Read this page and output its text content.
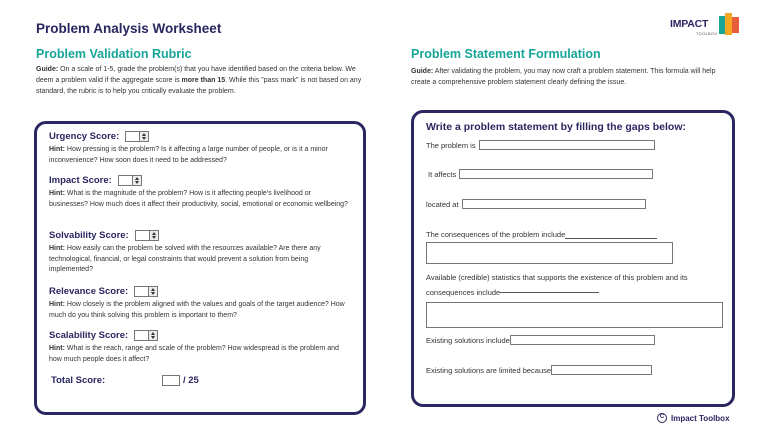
Problem Analysis Worksheet	IMPACT
TOOLBOX
Problem Validation Rubric
Guide: On a scale of 1-5, grade the problem(s) that you have identified based on the criteria below. We deem a problem valid if the aggregate score is more than 15. While this "pass mark" is not based on any standard, the rubric is to help you critically evaluate the problem.
Urgency Score:
Hint: How pressing is the problem? Is it affecting a large number of people, or is it a minor inconvenience? How soon does it need to be addressed?
Impact Score:
Hint: What is the magnitude of the problem? How is it affecting people's livelihood or businesses? How much does it affect their productivity, social, emotional or economic wellbeing?
Solvability Score:
Hint: How easily can the problem be solved with the resources available? Are there any technological, financial, or legal constraints that would prevent a solution from being implemented?
Relevance Score:
Hint: How closely is the problem aligned with the values and goals of the target audience? How much do you think solving this problem is important to them?
Scalability Score:
Hint: What is the reach, range and scale of the problem? How widespread is the problem and how much people does it affect?
Total Score:	/ 25
Problem Statement Formulation
Guide: After validating the problem, you may now craft a problem statement. This formula will help create a comprehensive problem statement clearly defining the issue.
Write a problem statement by filling the gaps below:
The problem is
It affects
located at
The consequences of the problem include
Available (credible) statistics that supports the existence of this problem and its
consequences include
Existing solutions include
Existing solutions are limited because
C Impact Toolbox
